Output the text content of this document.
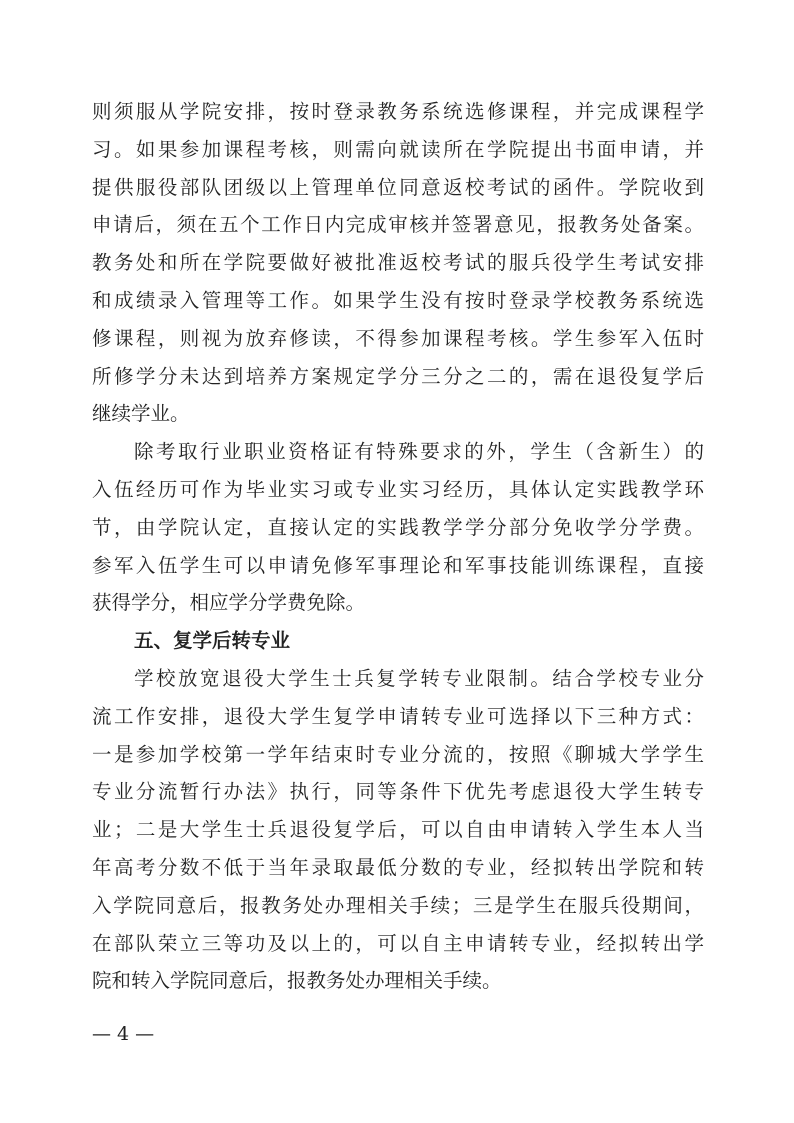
则须服从学院安排，按时登录教务系统选修课程，并完成课程学
习。如果参加课程考核，则需向就读所在学院提出书面申请，并
提供服役部队团级以上管理单位同意返校考试的函件。学院收到
申请后，须在五个工作日内完成审核并签署意见，报教务处备案。
教务处和所在学院要做好被批准返校考试的服兵役学生考试安排
和成绩录入管理等工作。如果学生没有按时登录学校教务系统选
修课程，则视为放弃修读，不得参加课程考核。学生参军入伍时
所修学分未达到培养方案规定学分三分之二的，需在退役复学后
继续学业。
除考取行业职业资格证有特殊要求的外，学生（含新生）的
入伍经历可作为毕业实习或专业实习经历，具体认定实践教学环
节，由学院认定，直接认定的实践教学学分部分免收学分学费。
参军入伍学生可以申请免修军事理论和军事技能训练课程，直接
获得学分，相应学分学费免除。
五、复学后转专业
学校放宽退役大学生士兵复学转专业限制。结合学校专业分
流工作安排，退役大学生复学申请转专业可选择以下三种方式：
一是参加学校第一学年结束时专业分流的，按照《聊城大学学生
专业分流暂行办法》执行，同等条件下优先考虑退役大学生转专
业；二是大学生士兵退役复学后，可以自由申请转入学生本人当
年高考分数不低于当年录取最低分数的专业，经拟转出学院和转
入学院同意后，报教务处办理相关手续；三是学生在服兵役期间，
在部队荣立三等功及以上的，可以自主申请转专业，经拟转出学
院和转入学院同意后，报教务处办理相关手续。
— 4 —
